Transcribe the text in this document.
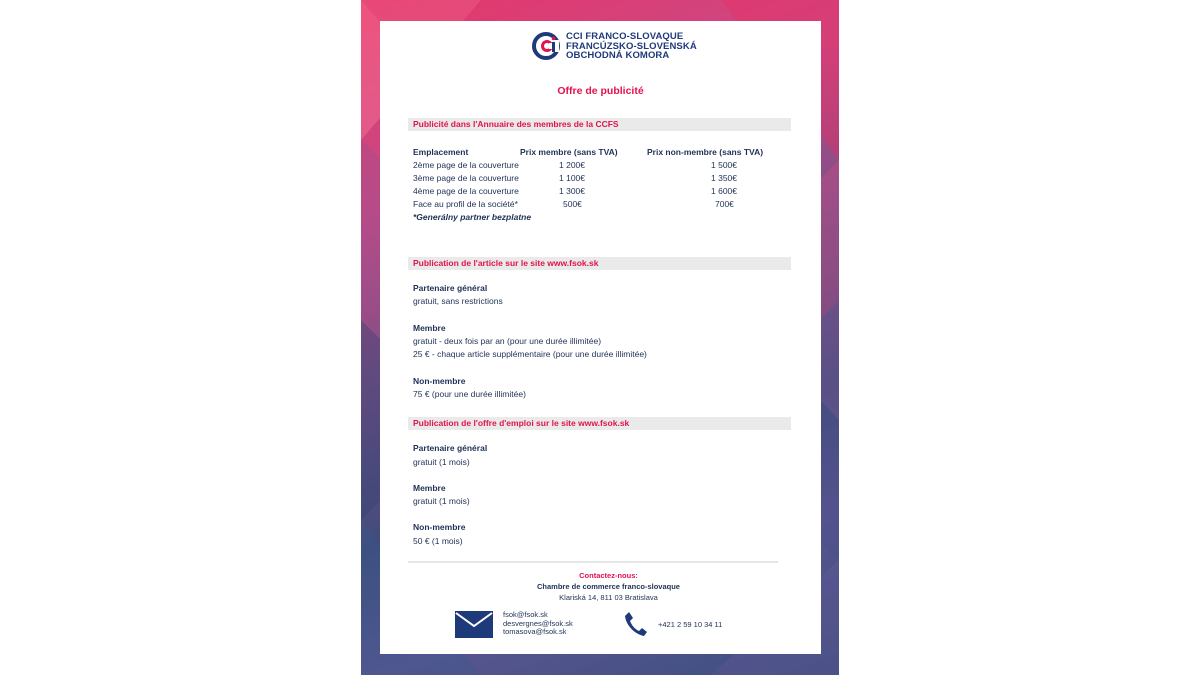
CCI FRANCO-SLOVAQUE
FRANCÚZSKO-SLOVENSKÁ
OBCHODNÁ KOMORA
Offre de publicité
Publicité dans l'Annuaire des membres de la CCFS
Emplacement	Prix membre (sans TVA)	Prix non-membre (sans TVA)
2ème page de la couverture	1 200€	1 500€
3ème page de la couverture	1 100€	1 350€
4ème page de la couverture	1 300€	1 600€
Face au profil de la société*	500€	700€
*Generálny partner bezplatne
Publication de l'article sur le site www.fsok.sk
Partenaire général
gratuit, sans restrictions
Membre
gratuit - deux fois par an (pour une durée illimitée)
25 € - chaque article supplémentaire (pour une durée illimitée)
Non-membre
75 € (pour une durée illimitée)
Publication de l'offre d'emploi sur le site www.fsok.sk
Partenaire général
gratuit (1 mois)
Membre
gratuit (1 mois)
Non-membre
50 € (1 mois)
Contactez-nous:
Chambre de commerce franco-slovaque
Klariská 14, 811 03 Bratislava
fsok@fsok.sk
desvergnes@fsok.sk
tomasova@fsok.sk
+421 2 59 10 34 11
